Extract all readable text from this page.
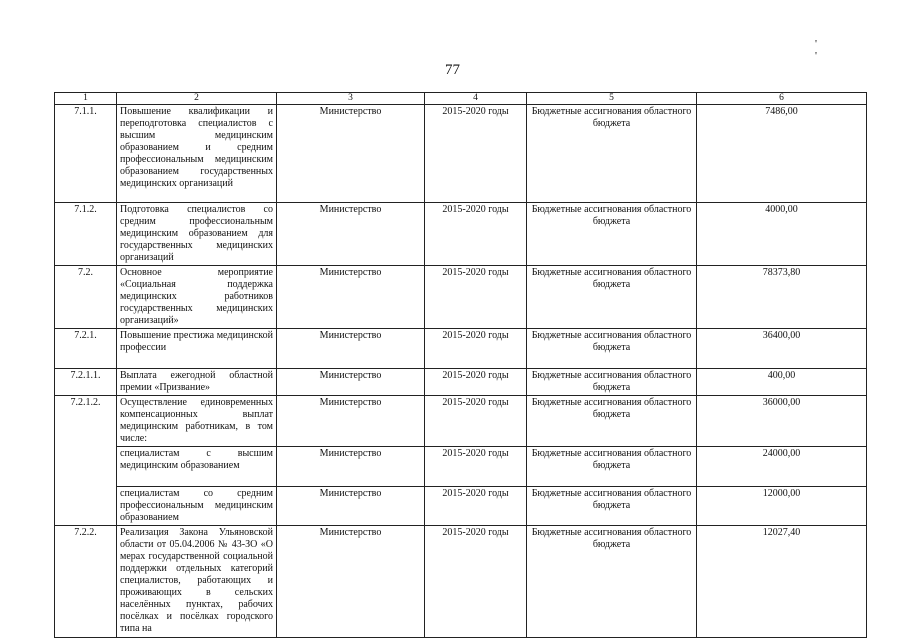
77
' '
1	2	3	4	5	6
7.1.1.	Повышение квалификации и переподготовка специалистов с высшим медицинским образованием и средним профессиональным медицинским образованием государственных медицинских организаций	Министерство	2015-2020 годы	Бюджетные ассигнования областного бюджета	7486,00
7.1.2.	Подготовка специалистов со средним профессиональным медицинским образованием для государственных медицинских организаций	Министерство	2015-2020 годы	Бюджетные ассигнования областного бюджета	4000,00
7.2.	Основное мероприятие «Социальная поддержка медицинских работников государственных медицинских организаций»	Министерство	2015-2020 годы	Бюджетные ассигнования областного бюджета	78373,80
7.2.1.	Повышение престижа медицинской профессии	Министерство	2015-2020 годы	Бюджетные ассигнования областного бюджета	36400,00
7.2.1.1.	Выплата ежегодной областной премии «Призвание»	Министерство	2015-2020 годы	Бюджетные ассигнования областного бюджета	400,00
7.2.1.2.	Осуществление единовременных компенсационных выплат медицинским работникам, в том числе:	Министерство	2015-2020 годы	Бюджетные ассигнования областного бюджета	36000,00
	специалистам с высшим медицинским образованием	Министерство	2015-2020 годы	Бюджетные ассигнования областного бюджета	24000,00
	специалистам со средним профессиональным медицинским образованием	Министерство	2015-2020 годы	Бюджетные ассигнования областного бюджета	12000,00
7.2.2.	Реализация Закона Ульяновской области от 05.04.2006 № 43-ЗО «О мерах государственной социальной поддержки отдельных категорий специалистов, работающих и проживающих в сельских населённых пунктах, рабочих посёлках и посёлках городского типа на	Министерство	2015-2020 годы	Бюджетные ассигнования областного бюджета	12027,40
